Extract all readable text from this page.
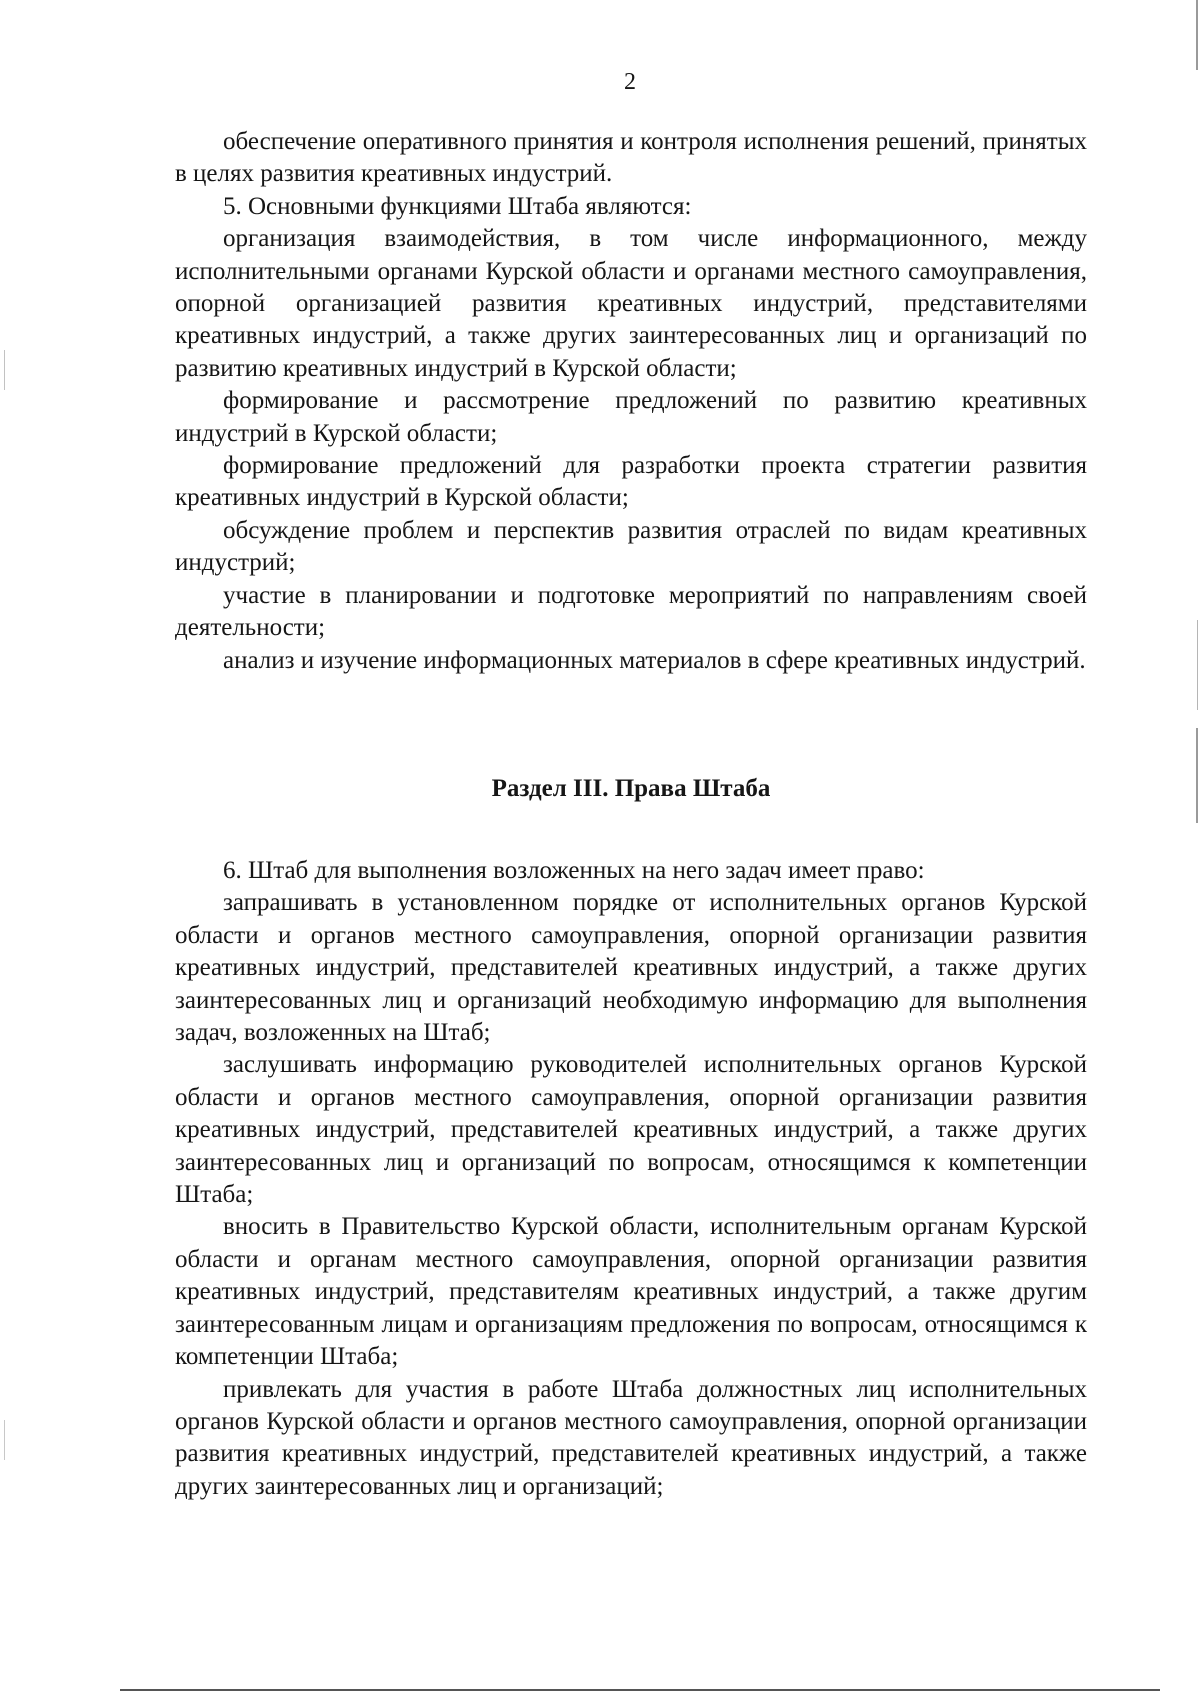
2

обеспечение оперативного принятия и контроля исполнения решений, принятых в целях развития креативных индустрий.

5. Основными функциями Штаба являются:

организация взаимодействия, в том числе информационного, между исполнительными органами Курской области и органами местного самоуправления, опорной организацией развития креативных индустрий, представителями креативных индустрий, а также других заинтересованных лиц и организаций по развитию креативных индустрий в Курской области;

формирование и рассмотрение предложений по развитию креативных индустрий в Курской области;

формирование предложений для разработки проекта стратегии развития креативных индустрий в Курской области;

обсуждение проблем и перспектив развития отраслей по видам креативных индустрий;

участие в планировании и подготовке мероприятий по направлениям своей деятельности;

анализ и изучение информационных материалов в сфере креативных индустрий.

Раздел III. Права Штаба

6. Штаб для выполнения возложенных на него задач имеет право:

запрашивать в установленном порядке от исполнительных органов Курской области и органов местного самоуправления, опорной организации развития креативных индустрий, представителей креативных индустрий, а также других заинтересованных лиц и организаций необходимую информацию для выполнения задач, возложенных на Штаб;

заслушивать информацию руководителей исполнительных органов Курской области и органов местного самоуправления, опорной организации развития креативных индустрий, представителей креативных индустрий, а также других заинтересованных лиц и организаций по вопросам, относящимся к компетенции Штаба;

вносить в Правительство Курской области, исполнительным органам Курской области и органам местного самоуправления, опорной организации развития креативных индустрий, представителям креативных индустрий, а также другим заинтересованным лицам и организациям предложения по вопросам, относящимся к компетенции Штаба;

привлекать для участия в работе Штаба должностных лиц исполнительных органов Курской области и органов местного самоуправления, опорной организации развития креативных индустрий, представителей креативных индустрий, а также других заинтересованных лиц и организаций;
